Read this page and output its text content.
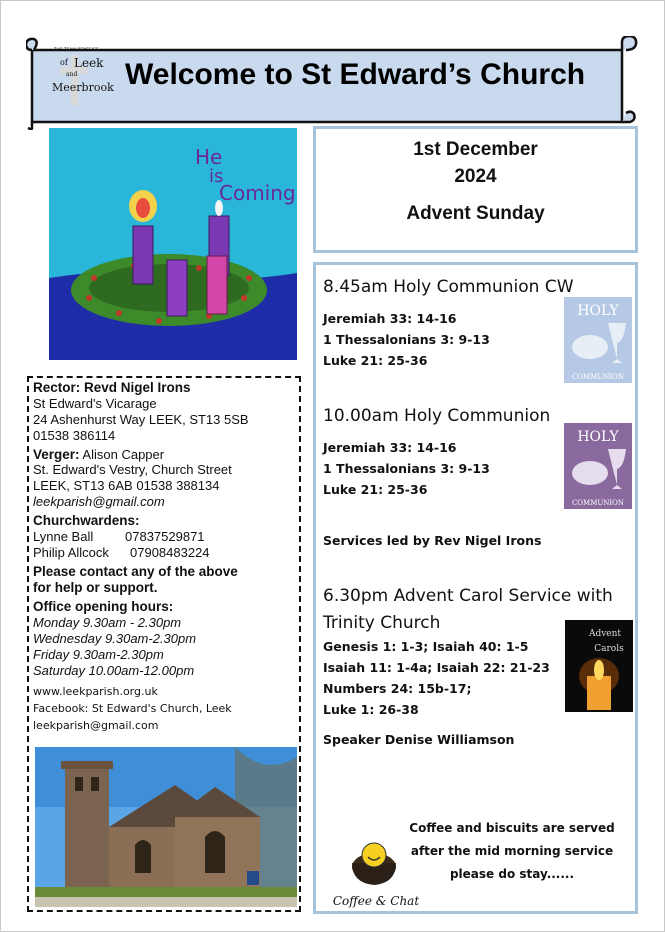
THE TEAM BENEFICE
of Leek
and
Meerbrook Welcome to St Edward’s Church
He
is
Coming
Rector: Revd Nigel Irons
St Edward's Vicarage
24 Ashenhurst Way LEEK, ST13 5SB
01538 386114
Verger: Alison Capper
St. Edward's Vestry, Church Street
LEEK, ST13 6AB 01538 388134
leekparish@gmail.com
Churchwardens:
Lynne Ball 07837529871
Philip Allcock 07908483224
Please contact any of the above
for help or support.
Office opening hours:
Monday 9.30am - 2.30pm
Wednesday 9.30am-2.30pm
Friday 9.30am-2.30pm
Saturday 10.00am-12.00pm
www.leekparish.org.uk
Facebook: St Edward's Church, Leek
leekparish@gmail.com
1st December
2024
Advent Sunday
8.45am Holy Communion CW
Jeremiah 33: 14-16
1 Thessalonians 3: 9-13
Luke 21: 25-36
HOLY
COMMUNION
10.00am Holy Communion
Jeremiah 33: 14-16
1 Thessalonians 3: 9-13
Luke 21: 25-36
HOLY
COMMUNION
Services led by Rev Nigel Irons
6.30pm Advent Carol Service with
Trinity Church
Genesis 1: 1-3; Isaiah 40: 1-5
Isaiah 11: 1-4a; Isaiah 22: 21-23
Numbers 24: 15b-17;
Luke 1: 26-38
Speaker Denise Williamson
Advent
Carols
Coffee & Chat
Coffee and biscuits are served
after the mid morning service
please do stay......
